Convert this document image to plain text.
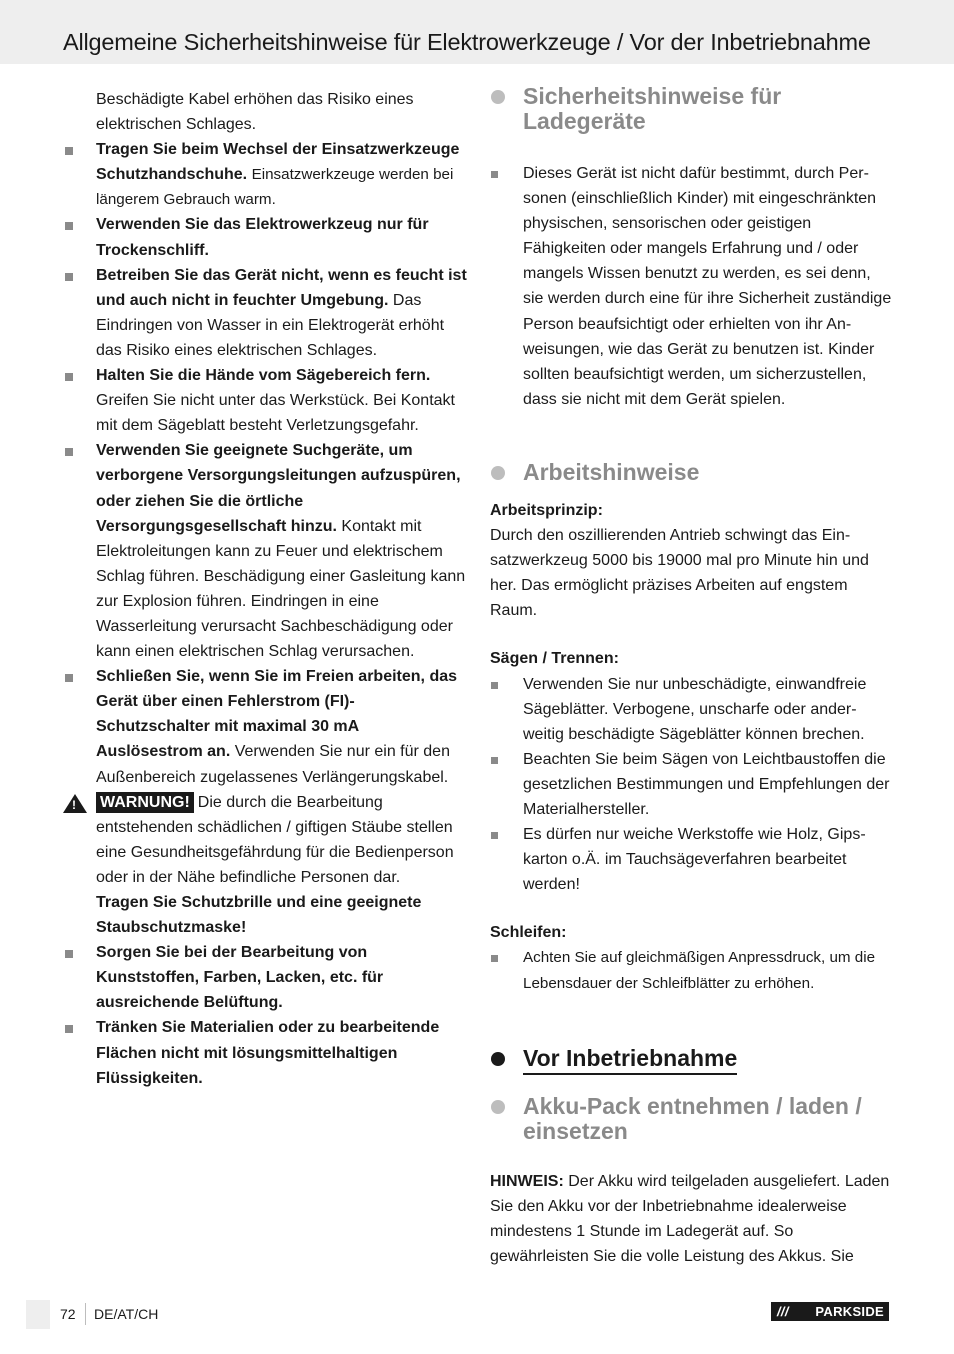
Allgemeine Sicherheitshinweise für Elektrowerkzeuge / Vor der Inbetriebnahme

Beschädigte Kabel erhöhen das Risiko eines elektrischen Schlages.

Tragen Sie beim Wechsel der Einsatzwerkzeuge Schutzhandschuhe. Einsatzwerkzeuge werden bei längerem Gebrauch warm.
Verwenden Sie das Elektrowerkzeug nur für Trockenschliff.
Betreiben Sie das Gerät nicht, wenn es feucht ist und auch nicht in feuchter Umgebung. Das Eindringen von Wasser in ein Elektrogerät erhöht das Risiko eines elektrischen Schlages.
Halten Sie die Hände vom Sägebereich fern. Greifen Sie nicht unter das Werkstück. Bei Kontakt mit dem Sägeblatt besteht Verletzungsgefahr.
Verwenden Sie geeignete Suchgeräte, um verborgene Versorgungsleitungen aufzuspüren, oder ziehen Sie die örtliche Versorgungsgesellschaft hinzu. Kontakt mit Elektroleitungen kann zu Feuer und elektrischem Schlag führen. Beschädigung einer Gasleitung kann zur Explosion führen. Eindringen in eine Wasserleitung verursacht Sachbeschädigung oder kann einen elektrischen Schlag verursachen.
Schließen Sie, wenn Sie im Freien arbeiten, das Gerät über einen Fehlerstrom (FI)-Schutzschalter mit maximal 30 mA Auslösestrom an. Verwenden Sie nur ein für den Außenbereich zugelassenes Verlängerungskabel.
! WARNUNG! Die durch die Bearbeitung entstehenden schädlichen / giftigen Stäube stellen eine Gesundheitsgefährdung für die Bedienperson oder in der Nähe befindliche Personen dar.

Tragen Sie Schutzbrille und eine geeignete Staubschutzmaske!

Sorgen Sie bei der Bearbeitung von Kunststoffen, Farben, Lacken, etc. für ausreichende Belüftung.
Tränken Sie Materialien oder zu bearbeitende Flächen nicht mit lösungsmittelhaltigen Flüssigkeiten.
Sicherheitshinweise für Ladegeräte
Dieses Gerät ist nicht dafür bestimmt, durch Personen (einschließlich Kinder) mit eingeschränkten physischen, sensorischen oder geistigen Fähigkeiten oder mangels Erfahrung und / oder mangels Wissen benutzt zu werden, es sei denn, sie werden durch eine für ihre Sicherheit zuständige Person beaufsichtigt oder erhielten von ihr Anweisungen, wie das Gerät zu benutzen ist. Kinder sollten beaufsichtigt werden, um sicherzustellen, dass sie nicht mit dem Gerät spielen.
Arbeitshinweise

Arbeitsprinzip:

Durch den oszillierenden Antrieb schwingt das Einsatzwerkzeug 5000 bis 19000 mal pro Minute hin und her. Das ermöglicht präzises Arbeiten auf engstem Raum.

Sägen / Trennen:

Verwenden Sie nur unbeschädigte, einwandfreie Sägeblätter. Verbogene, unscharfe oder anderweitig beschädigte Sägeblätter können brechen.
Beachten Sie beim Sägen von Leichtbaustoffen die gesetzlichen Bestimmungen und Empfehlungen der Materialhersteller.
Es dürfen nur weiche Werkstoffe wie Holz, Gipskarton o.Ä. im Tauchsägeverfahren bearbeitet werden!

Schleifen:

Achten Sie auf gleichmäßigen Anpressdruck, um die Lebensdauer der Schleifblätter zu erhöhen.
Vor Inbetriebnahme
Akku-Pack entnehmen / laden / einsetzen

HINWEIS: Der Akku wird teilgeladen ausgeliefert. Laden Sie den Akku vor der Inbetriebnahme idealerweise mindestens 1 Stunde im Ladegerät auf. So gewährleisten Sie die volle Leistung des Akkus. Sie

72 DE/AT/CH	/// PARKSIDE
